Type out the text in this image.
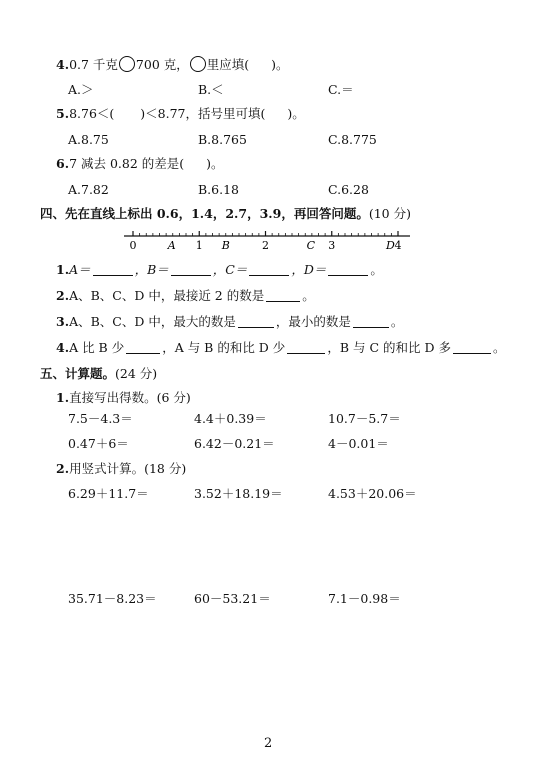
4.0.7 千克 700 克， 里应填( )。
A.＞	B.＜	C.＝
5.8.76＜( )＜8.77，括号里可填( )。
A.8.75	B.8.765	C.8.775
6.7 减去 0.82 的差是( )。
A.7.82	B.6.18	C.6.28
四、先在直线上标出 0.6，1.4，2.7，3.9，再回答问题。(10 分)
0	A 1 B	2	C 3	D 4
1.A＝	，B＝	，C＝	，D＝	。
2.A、B、C、D 中，最接近 2 的数是	。
3.A、B、C、D 中，最大的数是	，最小的数是	。
4.A 比 B 少	，A 与 B 的和比 D 少	，B 与 C 的和比 D 多	。
五、计算题。(24 分)
1.直接写出得数。(6 分)
7.5－4.3＝	4.4＋0.39＝	10.7－5.7＝
0.47＋6＝	6.42－0.21＝	4－0.01＝
2.用竖式计算。(18 分)
6.29＋11.7＝	3.52＋18.19＝	4.53＋20.06＝
35.71－8.23＝	60－53.21＝	7.1－0.98＝
2
